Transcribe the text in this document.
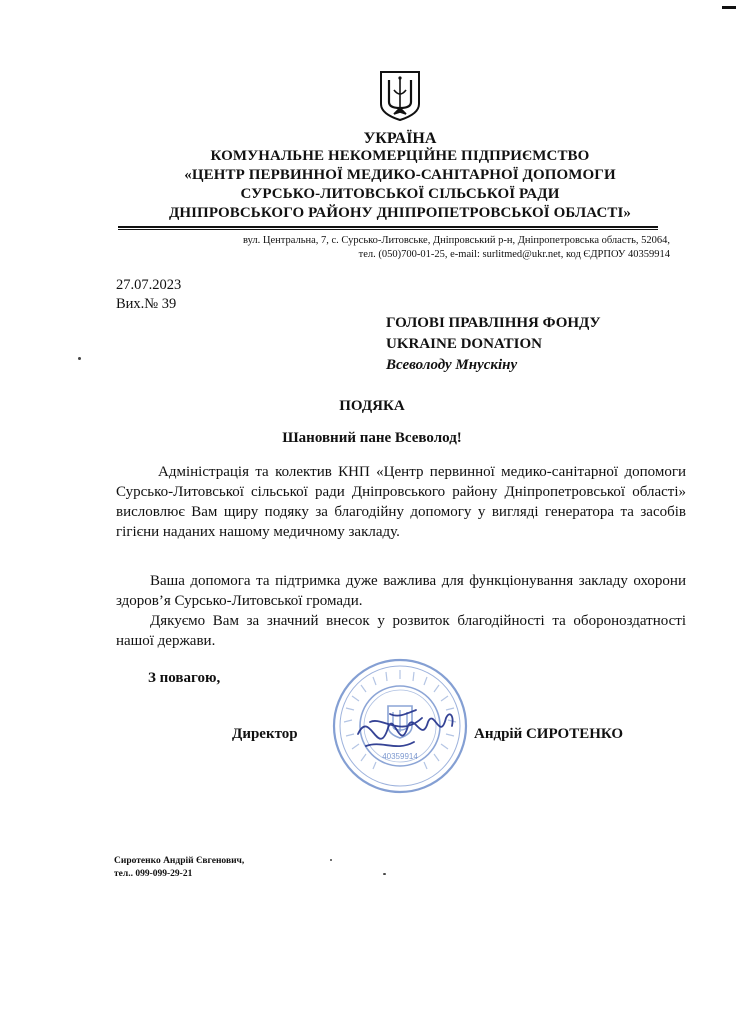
УКРАЇНА
КОМУНАЛЬНЕ НЕКОМЕРЦІЙНЕ ПІДПРИЄМСТВО
«ЦЕНТР ПЕРВИННОЇ МЕДИКО-САНІТАРНОЇ ДОПОМОГИ
СУРСЬКО-ЛИТОВСЬКОЇ СІЛЬСЬКОЇ РАДИ
ДНІПРОВСЬКОГО РАЙОНУ ДНІПРОПЕТРОВСЬКОЇ ОБЛАСТІ»
вул. Центральна, 7, с. Сурсько-Литовське, Дніпровський р-н, Дніпропетровська область, 52064,
тел. (050)700-01-25, e-mail: surlitmed@ukr.net, код ЄДРПОУ 40359914
27.07.2023
Вих.№ 39
ГОЛОВІ ПРАВЛІННЯ ФОНДУ
UKRAINE DONATION
Всеволоду Мнускіну
ПОДЯКА
Шановний пане Всеволод!

Адміністрація та колектив КНП «Центр первинної медико-санітарної допомоги Сурсько-Литовської сільської ради Дніпровського району Дніпропетровської області» висловлює Вам щиру подяку за благодійну допомогу у вигляді генератора та засобів гігієни наданих нашому медичному закладу.

Ваша допомога та підтримка дуже важлива для функціонування закладу охорони здоров’я Сурсько-Литовської громади.

Дякуємо Вам за значний внесок у розвиток благодійності та обороноздатності нашої держави.

З повагою,
Директор	Андрій СИРОТЕНКО
40359914
Сиротенко Андрій Євгенович,
тел.. 099-099-29-21
